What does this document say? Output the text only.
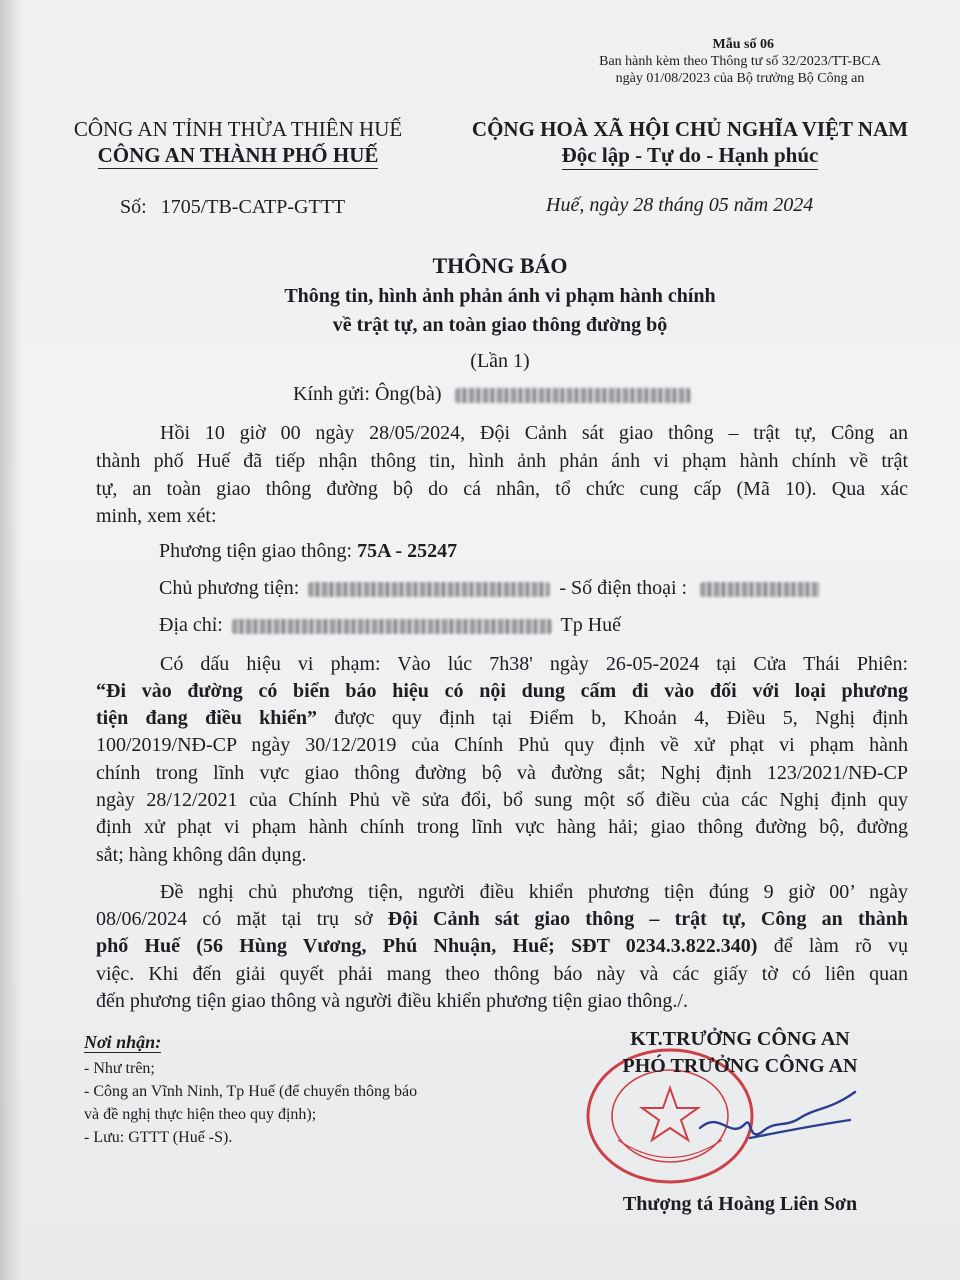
Mẫu số 06
Ban hành kèm theo Thông tư số 32/2023/TT-BCA
ngày 01/08/2023 của Bộ trưởng Bộ Công an
CÔNG AN TỈNH THỪA THIÊN HUẾ
CÔNG AN THÀNH PHỐ HUẾ
CỘNG HOÀ XÃ HỘI CHỦ NGHĨA VIỆT NAM
Độc lập - Tự do - Hạnh phúc
Số: 1705/TB-CATP-GTTT	Huế, ngày 28 tháng 05 năm 2024
THÔNG BÁO
Thông tin, hình ảnh phản ánh vi phạm hành chính
về trật tự, an toàn giao thông đường bộ
(Lần 1)
Kính gửi: Ông(bà)
Hồi 10 giờ 00 ngày 28/05/2024, Đội Cảnh sát giao thông – trật tự, Công an
thành phố Huế đã tiếp nhận thông tin, hình ảnh phản ánh vi phạm hành chính về trật
tự, an toàn giao thông đường bộ do cá nhân, tổ chức cung cấp (Mã 10). Qua xác
minh, xem xét:
Phương tiện giao thông: 75A - 25247
Chủ phương tiện:	- Số điện thoại :
Địa chỉ:	Tp Huế
Có dấu hiệu vi phạm: Vào lúc 7h38' ngày 26-05-2024 tại Cửa Thái Phiên:
“Đi vào đường có biển báo hiệu có nội dung cấm đi vào đối với loại phương
tiện đang điều khiển” được quy định tại Điểm b, Khoản 4, Điều 5, Nghị định
100/2019/NĐ-CP ngày 30/12/2019 của Chính Phủ quy định về xử phạt vi phạm hành
chính trong lĩnh vực giao thông đường bộ và đường sắt; Nghị định 123/2021/NĐ-CP
ngày 28/12/2021 của Chính Phủ về sửa đổi, bổ sung một số điều của các Nghị định quy
định xử phạt vi phạm hành chính trong lĩnh vực hàng hải; giao thông đường bộ, đường
sắt; hàng không dân dụng.
Đề nghị chủ phương tiện, người điều khiển phương tiện đúng 9 giờ 00’ ngày
08/06/2024 có mặt tại trụ sở Đội Cảnh sát giao thông – trật tự, Công an thành
phố Huế (56 Hùng Vương, Phú Nhuận, Huế; SĐT 0234.3.822.340) để làm rõ vụ
việc. Khi đến giải quyết phải mang theo thông báo này và các giấy tờ có liên quan
đến phương tiện giao thông và người điều khiển phương tiện giao thông./.
Nơi nhận:
- Như trên;
- Công an Vĩnh Ninh, Tp Huế (để chuyển thông báo
và đề nghị thực hiện theo quy định);
- Lưu: GTTT (Huế -S).
KT.TRƯỞNG CÔNG AN
PHÓ TRƯỞNG CÔNG AN
Thượng tá Hoàng Liên Sơn
